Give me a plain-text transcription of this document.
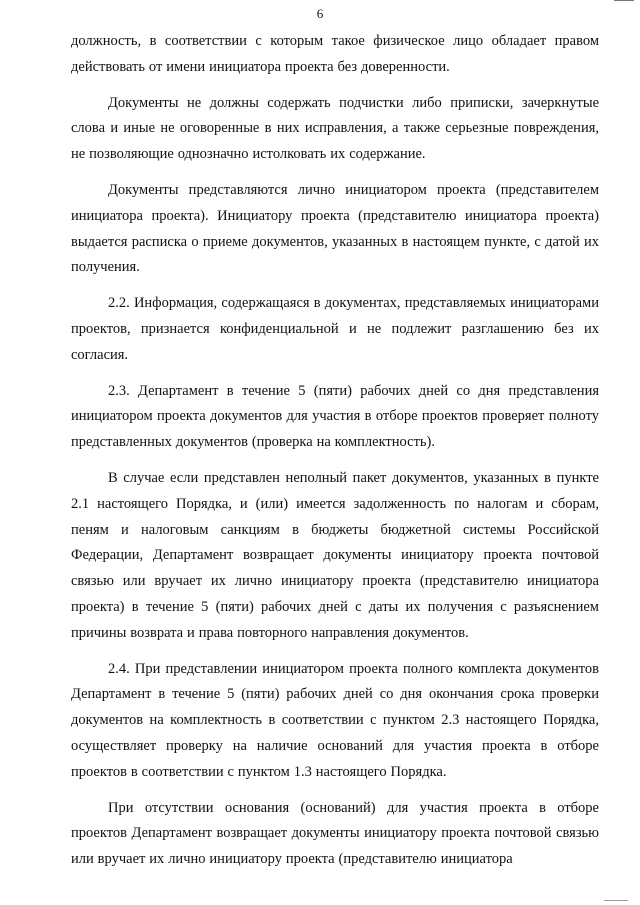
6

должность, в соответствии с которым такое физическое лицо обладает правом действовать от имени инициатора проекта без доверенности.

Документы не должны содержать подчистки либо приписки, зачеркнутые слова и иные не оговоренные в них исправления, а также серьезные повреждения, не позволяющие однозначно истолковать их содержание.

Документы представляются лично инициатором проекта (представителем инициатора проекта). Инициатору проекта (представителю инициатора проекта) выдается расписка о приеме документов, указанных в настоящем пункте, с датой их получения.

2.2. Информация, содержащаяся в документах, представляемых инициаторами проектов, признается конфиденциальной и не подлежит разглашению без их согласия.

2.3. Департамент в течение 5 (пяти) рабочих дней со дня представления инициатором проекта документов для участия в отборе проектов проверяет полноту представленных документов (проверка на комплектность).

В случае если представлен неполный пакет документов, указанных в пункте 2.1 настоящего Порядка, и (или) имеется задолженность по налогам и сборам, пеням и налоговым санкциям в бюджеты бюджетной системы Российской Федерации, Департамент возвращает документы инициатору проекта почтовой связью или вручает их лично инициатору проекта (представителю инициатора проекта) в течение 5 (пяти) рабочих дней с даты их получения с разъяснением причины возврата и права повторного направления документов.

2.4. При представлении инициатором проекта полного комплекта документов Департамент в течение 5 (пяти) рабочих дней со дня окончания срока проверки документов на комплектность в соответствии с пунктом 2.3 настоящего Порядка, осуществляет проверку на наличие оснований для участия проекта в отборе проектов в соответствии с пунктом 1.3 настоящего Порядка.

При отсутствии основания (оснований) для участия проекта в отборе проектов Департамент возвращает документы инициатору проекта почтовой связью или вручает их лично инициатору проекта (представителю инициатора
